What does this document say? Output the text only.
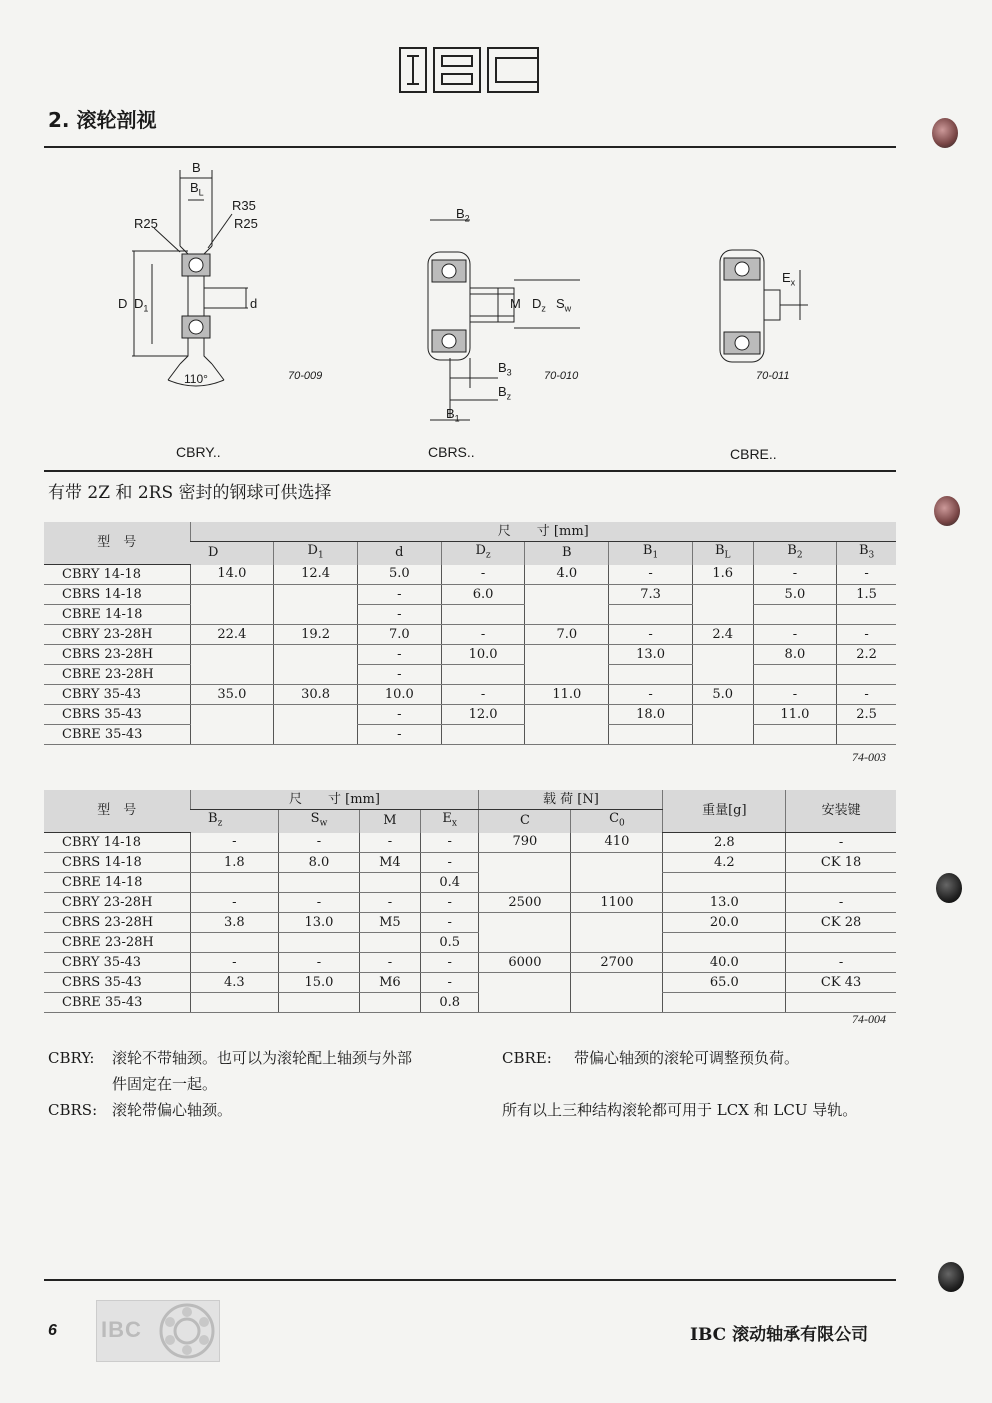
2. 滚轮剖视
B
$B_L$
R35
R25	R25
D $D_1$	d
110°	70-009
CBRY..
$B_2$
M $D_z$ $S_w$
$B_3$
$B_z$
$B_1$
70-010
CBRS..
$E_x$
70-011
CBRE..
有带 2Z 和 2RS 密封的钢球可供选择
型　号	尺　　寸 [mm]								
	D	$D_1$	d	$D_z$	B	$B_1$	$B_L$	$B_2$	$B_3$
CBRY 14-18	14.0	12.4	5.0	-	4.0	-	1.6	-	-
CBRS 14-18			-	6.0		7.3		5.0	1.5
CBRE 14-18			-						
CBRY 23-28H	22.4	19.2	7.0	-	7.0	-	2.4	-	-
CBRS 23-28H			-	10.0		13.0		8.0	2.2
CBRE 23-28H			-						
CBRY 35-43	35.0	30.8	10.0	-	11.0	-	5.0	-	-
CBRS 35-43			-	12.0		18.0		11.0	2.5
CBRE 35-43			-						
74-003
型　号	尺　　寸 [mm]				载 荷 [N]		重量[g]	安装键
	$B_z$	$S_w$	M	$E_x$	C	$C_0$
CBRY 14-18	-	-	-	-	790	410	2.8	-
CBRS 14-18	1.8	8.0	M4	-			4.2	CK 18
CBRE 14-18				0.4				
CBRY 23-28H	-	-	-	-	2500	1100	13.0	-
CBRS 23-28H	3.8	13.0	M5	-			20.0	CK 28
CBRE 23-28H				0.5				
CBRY 35-43	-	-	-	-	6000	2700	40.0	-
CBRS 35-43	4.3	15.0	M6	-			65.0	CK 43
CBRE 35-43				0.8				
74-004
CBRY: 滚轮不带轴颈。也可以为滚轮配上轴颈与外部
件固定在一起。
CBRS: 滚轮带偏心轴颈。
CBRE: 带偏心轴颈的滚轮可调整预负荷。
所有以上三种结构滚轮都可用于 LCX 和 LCU 导轨。
6 IBC	IBC 滚动轴承有限公司
